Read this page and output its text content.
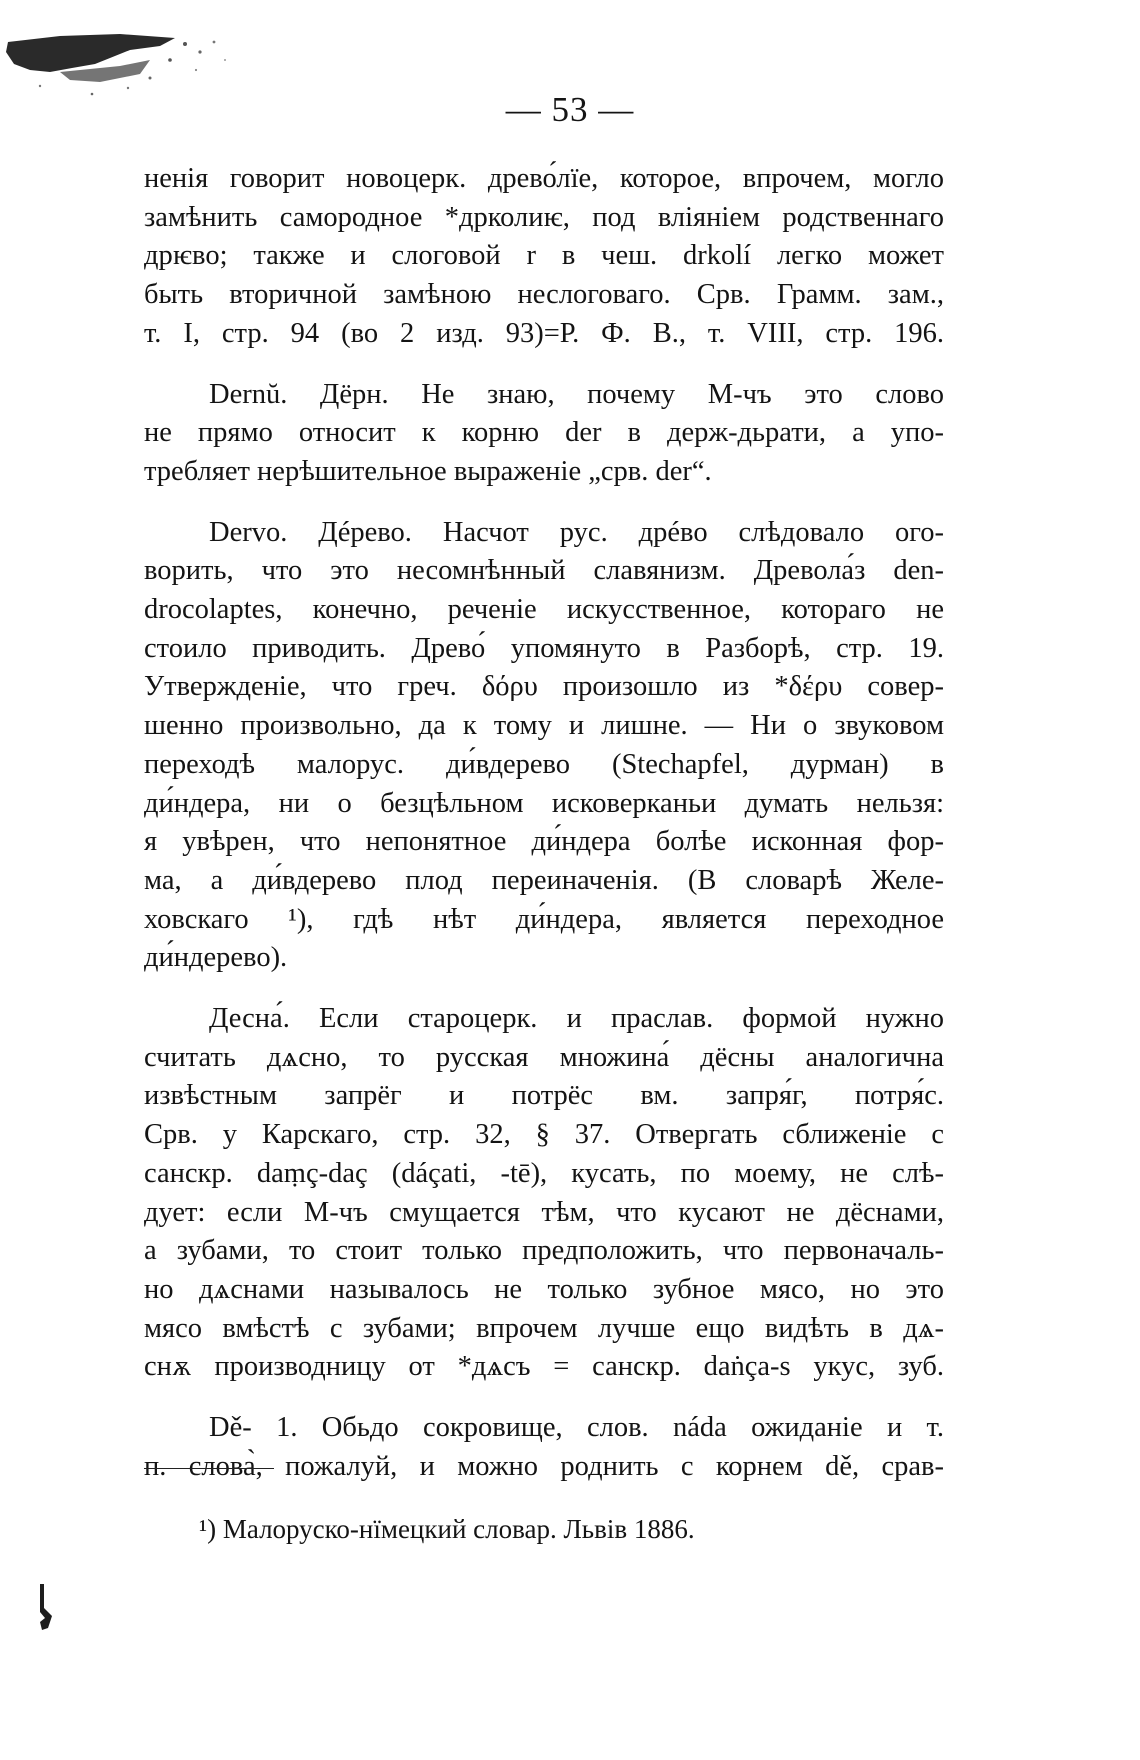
— 53 —

ненія говорит новоцерк. древо́лїе, которое, впрочем, могло
замѣнить самородное *дрколиѥ, под вліяніем родственнаго
дрѥво; также и слоговой r в чеш. drkolí легко может
быть вторичной замѣною неслоговаго. Срв. Грамм. зам.,
т. I, стр. 94 (во 2 изд. 93)=Р. Ф. В., т. VIII, стр. 196.

Dernŭ. Дёрн. Не знаю, почему М-чъ это слово
не прямо относит к корню der в держ-дьрати, а упо-
требляет нерѣшительное выраженіе „срв. der“.

Dervo. Дéрево. Насчот рус. дрéво слѣдовало ого-
ворить, что это несомнѣнный славянизм. Древола́з den-
drocolaptes, конечно, реченіе искусственное, котораго не
стоило приводить. Древо́ упомянуто в Разборѣ, стр. 19.
Утвержденіе, что греч. δόρυ произошло из *δέρυ совер-
шенно произвольно, да к тому и лишне. — Ни о звуковом
переходѣ малорус. ди́вдерево (Stechapfel, дурман) в
ди́ндера, ни о безцѣльном исковерканьи думать нельзя:
я увѣрен, что непонятное ди́ндера болѣе исконная фор-
ма, а ди́вдерево плод переиначенія. (В словарѣ Желе-
ховскаго ¹), гдѣ нѣт ди́ндера, является переходное
ди́ндерево).

Десна́. Если староцерк. и праслав. формой нужно
считать дѧсно, то русская множина́ дёсны аналогична
извѣстным запрёг и потрёс вм. запря́г, потря́с.
Срв. у Карскаго, стр. 32, § 37. Отвергать сближеніе с
санскр. daṃç-daç (dáçati, -tē), кусать, по моему, не слѣ-
дует: если М-чъ смущается тѣм, что кусают не дёснами,
а зубами, то стоит только предположить, что первоначаль-
но дѧснами называлось не только зубное мясо, но это
мясо вмѣстѣ с зубами; впрочем лучше ещо видѣть в дѧ-
снѫ производницу от *дѧсъ = санскр. daṅça-s укус, зуб.

Dě- 1. Обьдо сокровище, слов. náda ожиданіе и т.
п. слова̀, пожалуй, и можно роднить с корнем dě, срав-

¹) Малоруско-нїмецкий словар. Львів 1886.
